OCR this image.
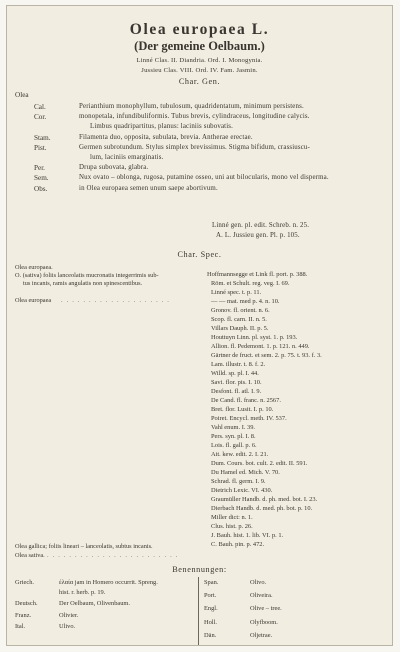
Olea europaea L.
(Der gemeine Oelbaum.)
Linné Clas. II. Diandria. Ord. I. Monogynia.
Jussieu Clas. VIII. Ord. IV. Fam. Jasmin.
Char. Gen.
Olea
Cal.	Perianthium monophyllum, tubulosum, quadridentatum, minimum persistens.
Cor.	monopetala, infundibuliformis. Tubus brevis, cylindraceus, longitudine calycis.
Limbus quadripartitus, planus: laciniis subovatis.
Stam.	Filamenta duo, opposita, subulata, brevia. Antherae erectae.
Pist.	Germen subrotundum. Stylus simplex brevissimus. Stigma bifidum, crassiuscu-
lum, laciniis emarginatis.
Per.	Drupa subovata, glabra.
Sem.	Nux ovato – oblonga, rugosa, putamine osseo, uni aut bilocularis, mono vel disperma.
Obs.	in Olea europaea semen unum saepe abortivum.
Linné gen. pl. edit. Schreb. n. 25.
A. L. Jussieu gen. Pl. p. 105.
Char. Spec.
Olea europaea.
O. (sativa) foliis lanceolatis mucronatis integerrimis sub-
tus incanis, ramis angulatis non spinescentibus.
Olea europaea . . . . . . . . . . . . . . . . . . . .
Hoffmannsegge et Link fl. port. p. 388.
Röm. et Schult. reg. veg. I. 69.
Linné spec. t. p. 11.
— — mat. med p. 4. n. 10.
Gronov. fl. orient. n. 6.
Scop. fl. carn. II. n. 5.
Villars Dauph. II. p. 5.
Houttuyn Linn. pl. syst. 1. p. 193.
Allion. fl. Pedemont. 1. p. 121. n. 449.
Gärtner de fruct. et sem. 2. p. 75. t. 93. f. 3.
Lam. illustr. t. 8. f. 2.
Willd. sp. pl. I. 44.
Savi. flor. pis. I. 10.
Desfont. fl. atl. I. 9.
De Cand. fl. franc. n. 2567.
Bret. flor. Lusit. I. p. 10.
Poiret. Encycl. meth. IV. 537.
Vahl enum. I. 39.
Pers. syn. pl. I. 8.
Lois. fl. gall. p. 6.
Ait. kew. edit. 2. I. 21.
Dum. Cours. bot. cult. 2. edit. II. 591.
Du Hamel ed. Mich. V. 70.
Schrad. fl. germ. I. 9.
Dietrich Lexic. VI. 430.
Graumüller Handb. d. ph. med. bot. I. 23.
Dierbach Handb. d. med. ph. bot. p. 10.
Miller dict: n. 1.
Clus. hist. p. 26.
J. Bauh. hist. 1. lib. VI. p. 1.
C. Bauh. pin. p. 472.
Olea gallica; foliis lineari – lanceolatis, subtus incanis.
Olea sativa. . . . . . . . . . . . . . . . . . . . . . . . .
Benennungen:
Griech.	ἐλαία jam in Homero occurrit. Spreng.
hist. r. herb. p. 19.
Deutsch.	Der Oelbaum, Olivenbaum.
Franz.	Olivier.
Ital.	Ulivo.
Span.	Olivo.
Port.	Oliveira.
Engl.	Olive – tree.
Holl.	Olyfboom.
Dän.	Oljetrae.
